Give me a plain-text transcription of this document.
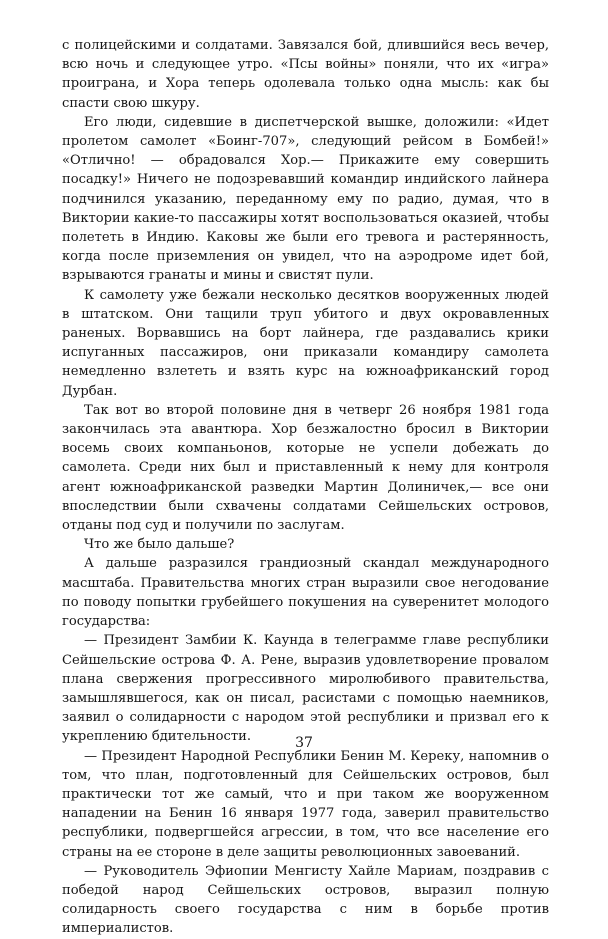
с полицейскими и солдатами. Завязался бой, длившийся весь вечер, всю ночь и следующее утро. «Псы войны» поняли, что их «игра» проиграна, и Хора теперь одолевала только одна мысль: как бы спасти свою шкуру.

Его люди, сидевшие в диспетчерской вышке, доложили: «Идет пролетом самолет «Боинг-707», следующий рейсом в Бомбей!» «Отлично! — обрадовался Хор.— Прикажите ему совершить посадку!» Ничего не подозревавший командир индийского лайнера подчинился указанию, переданному ему по радио, думая, что в Виктории какие-то пассажиры хотят воспользоваться оказией, чтобы полететь в Индию. Каковы же были его тревога и растерянность, когда после приземления он увидел, что на аэродроме идет бой, взрываются гранаты и мины и свистят пули.

К самолету уже бежали несколько десятков вооруженных людей в штатском. Они тащили труп убитого и двух окровавленных раненых. Ворвавшись на борт лайнера, где раздавались крики испуганных пассажиров, они приказали командиру самолета немедленно взлететь и взять курс на южноафриканский город Дурбан.

Так вот во второй половине дня в четверг 26 ноября 1981 года закончилась эта авантюра. Хор безжалостно бросил в Виктории восемь своих компаньонов, которые не успели добежать до самолета. Среди них был и приставленный к нему для контроля агент южноафриканской разведки Мартин Долиничек,— все они впоследствии были схвачены солдатами Сейшельских островов, отданы под суд и получили по заслугам.

Что же было дальше?

А дальше разразился грандиозный скандал международного масштаба. Правительства многих стран выразили свое негодование по поводу попытки грубейшего покушения на суверенитет молодого государства:

— Президент Замбии К. Каунда в телеграмме главе республики Сейшельские острова Ф. А. Рене, выразив удовлетворение провалом плана свержения прогрессивного миролюбивого правительства, замышлявшегося, как он писал, расистами с помощью наемников, заявил о солидарности с народом этой республики и призвал его к укреплению бдительности.

— Президент Народной Республики Бенин М. Кереку, напомнив о том, что план, подготовленный для Сейшельских островов, был практически тот же самый, что и при таком же вооруженном нападении на Бенин 16 января 1977 года, заверил правительство республики, подвергшейся агрессии, в том, что все население его страны на ее стороне в деле защиты революционных завоеваний.

— Руководитель Эфиопии Менгисту Хайле Мариам, поздравив с победой народ Сейшельских островов, выразил полную солидарность своего государства с ним в борьбе против империалистов.

37
